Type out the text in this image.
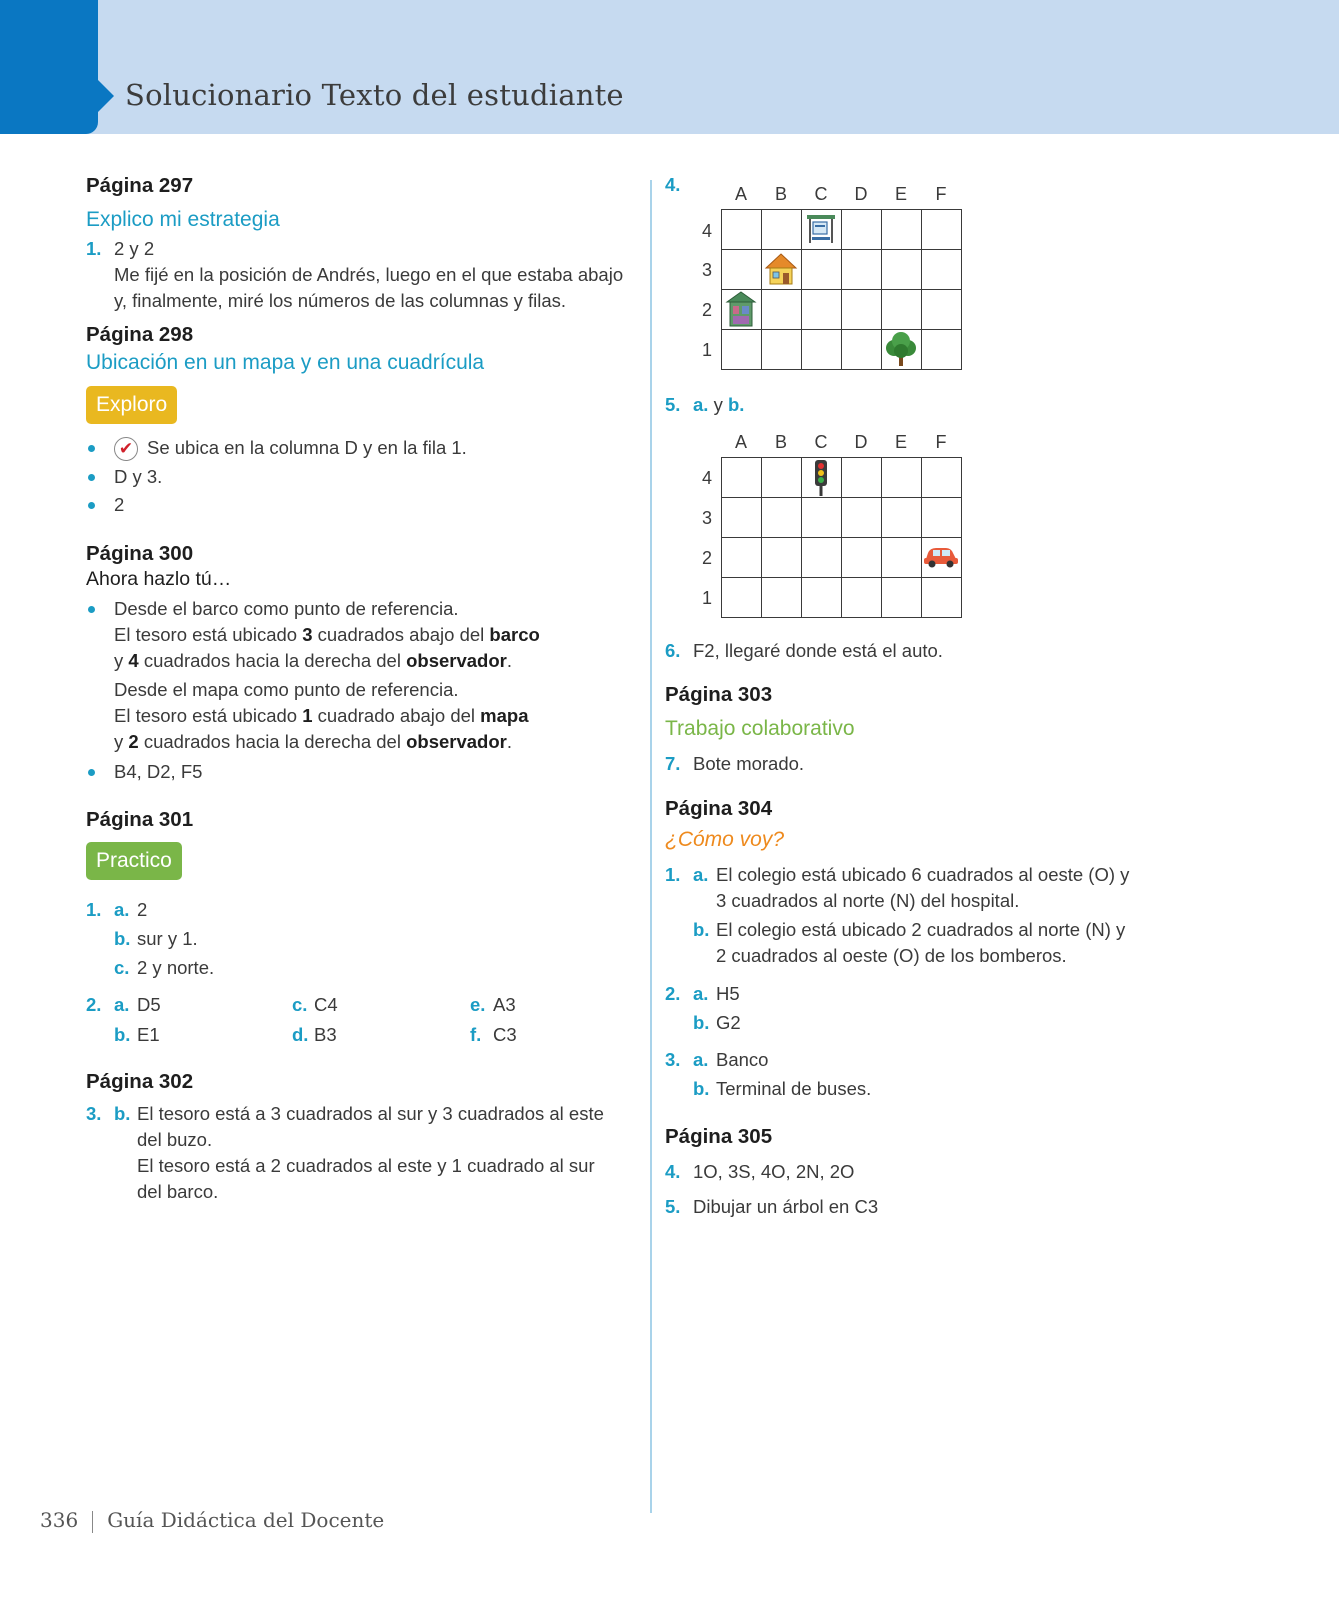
Solucionario Texto del estudiante
Página 297
Explico mi estrategia
1. 2 y 2
Me fijé en la posición de Andrés, luego en el que estaba abajo
y, finalmente, miré los números de las columnas y filas.
Página 298
Ubicación en un mapa y en una cuadrícula
Explorо
✔ Se ubica en la columna D y en la fila 1.
D y 3.
2
Página 300
Ahora hazlo tú…
Desde el barco como punto de referencia.
El tesoro está ubicado 3 cuadrados abajo del barco
y 4 cuadrados hacia la derecha del observador.
Desde el mapa como punto de referencia.
El tesoro está ubicado 1 cuadrado abajo del mapa
y 2 cuadrados hacia la derecha del observador.
B4, D2, F5
Página 301
Practico
1. a. 2
b. sur y 1.
c. 2 y norte.
2. a. D5	c. C4	e. A3
b. E1	d. B3	f. C3
Página 302
3. b. El tesoro está a 3 cuadrados al sur y 3 cuadrados al este
del buzo.
El tesoro está a 2 cuadrados al este y 1 cuadrado al sur
del barco.
4.	A	B	C	D	E	F
4
3
2
1

5. a. y b.
A	B	C	D	E	F
4
3
2
1

6. F2, llegaré donde está el auto.
Página 303
Trabajo colaborativo
7. Bote morado.
Página 304
¿Cómo voy?
1. a. El colegio está ubicado 6 cuadrados al oeste (O) y
3 cuadrados al norte (N) del hospital.
b. El colegio está ubicado 2 cuadrados al norte (N) y
2 cuadrados al oeste (O) de los bomberos.
2. a. H5
b. G2
3. a. Banco
b. Terminal de buses.
Página 305
4. 1O, 3S, 4O, 2N, 2O
5. Dibujar un árbol en C3
336 Guía Didáctica del Docente
